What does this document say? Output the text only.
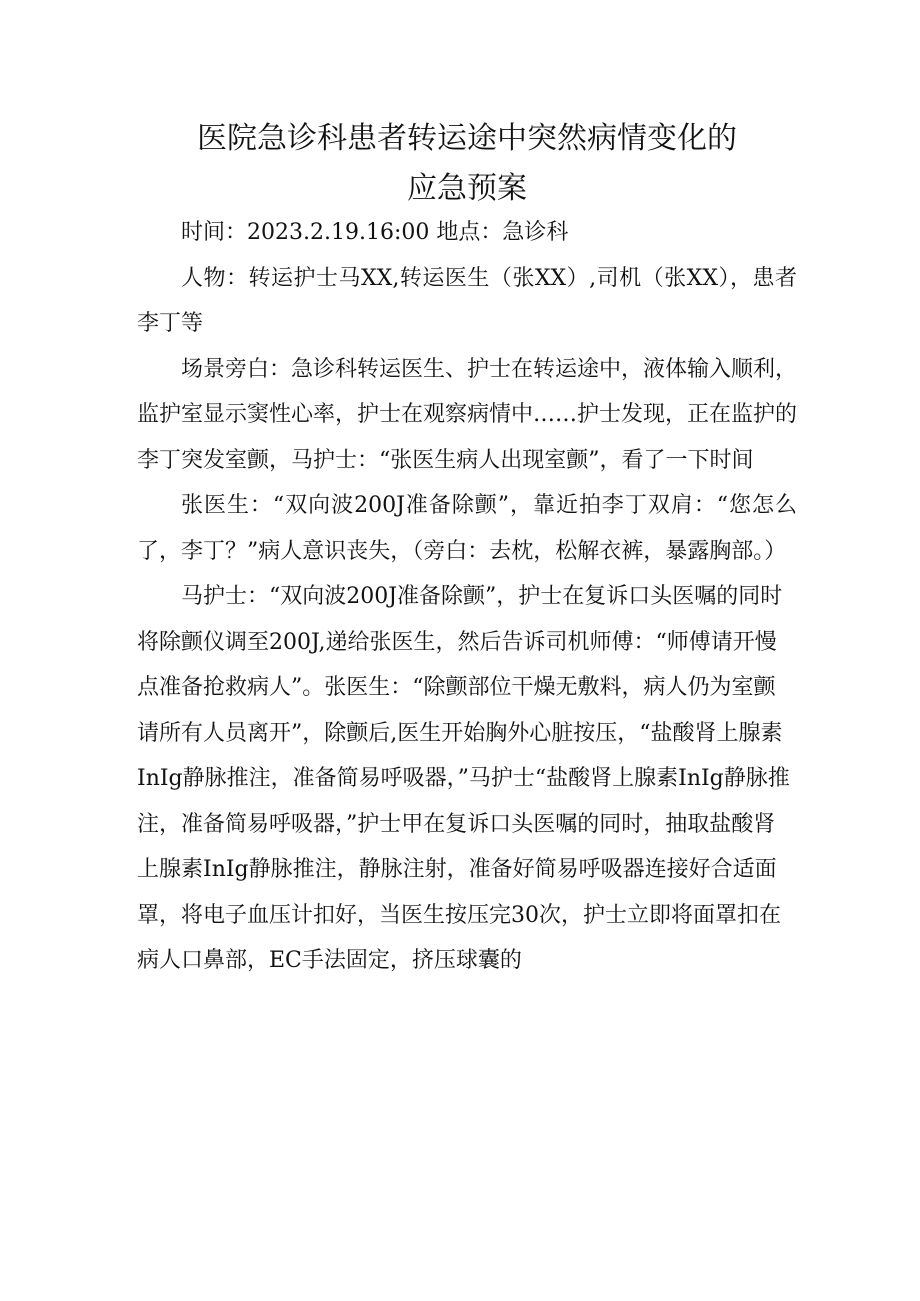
医院急诊科患者转运途中突然病情变化的
应急预案

时间：2023.2.19.16:00 地点：急诊科

人物：转运护士马XX,转运医生（张XX）,司机（张XX），患者李丁等

场景旁白：急诊科转运医生、护士在转运途中，液体输入顺利，监护室显示窦性心率，护士在观察病情中……护士发现，正在监护的李丁突发室颤，马护士：“张医生病人出现室颤”，看了一下时间

张医生：“双向波200J准备除颤”，靠近拍李丁双肩：“您怎么了，李丁？”病人意识丧失，（旁白：去枕，松解衣裤，暴露胸部。）

马护士：“双向波200J准备除颤”，护士在复诉口头医嘱的同时将除颤仪调至200J,递给张医生，然后告诉司机师傅：“师傅请开慢点准备抢救病人”。张医生：“除颤部位干燥无敷料，病人仍为室颤请所有人员离开”，除颤后,医生开始胸外心脏按压，“盐酸肾上腺素InIg静脉推注，准备简易呼吸器，”马护士“盐酸肾上腺素InIg静脉推注，准备简易呼吸器，”护士甲在复诉口头医嘱的同时，抽取盐酸肾上腺素InIg静脉推注，静脉注射，准备好简易呼吸器连接好合适面罩，将电子血压计扣好，当医生按压完30次，护士立即将面罩扣在病人口鼻部，EC手法固定，挤压球囊的
